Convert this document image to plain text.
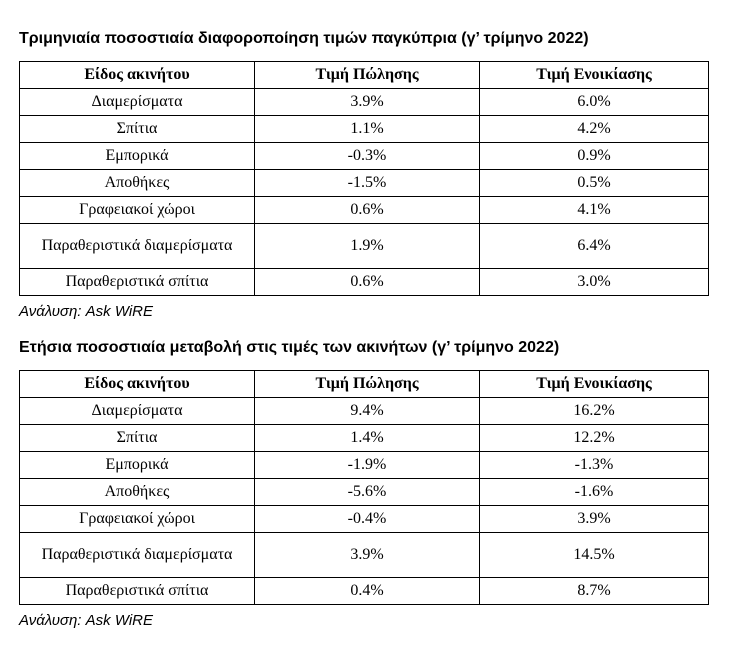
Τριμηνιαία ποσοστιαία διαφοροποίηση τιμών παγκύπρια (γ’ τρίμηνο 2022)
Είδος ακινήτου	Τιμή Πώλησης	Τιμή Ενοικίασης
Διαμερίσματα	3.9%	6.0%
Σπίτια	1.1%	4.2%
Εμπορικά	-0.3%	0.9%
Αποθήκες	-1.5%	0.5%
Γραφειακοί χώροι	0.6%	4.1%
Παραθεριστικά διαμερίσματα	1.9%	6.4%
Παραθεριστικά σπίτια	0.6%	3.0%

Ανάλυση: Ask WiRE

Ετήσια ποσοστιαία μεταβολή στις τιμές των ακινήτων (γ’ τρίμηνο 2022)
Είδος ακινήτου	Τιμή Πώλησης	Τιμή Ενοικίασης
Διαμερίσματα	9.4%	16.2%
Σπίτια	1.4%	12.2%
Εμπορικά	-1.9%	-1.3%
Αποθήκες	-5.6%	-1.6%
Γραφειακοί χώροι	-0.4%	3.9%
Παραθεριστικά διαμερίσματα	3.9%	14.5%
Παραθεριστικά σπίτια	0.4%	8.7%

Ανάλυση: Ask WiRE
